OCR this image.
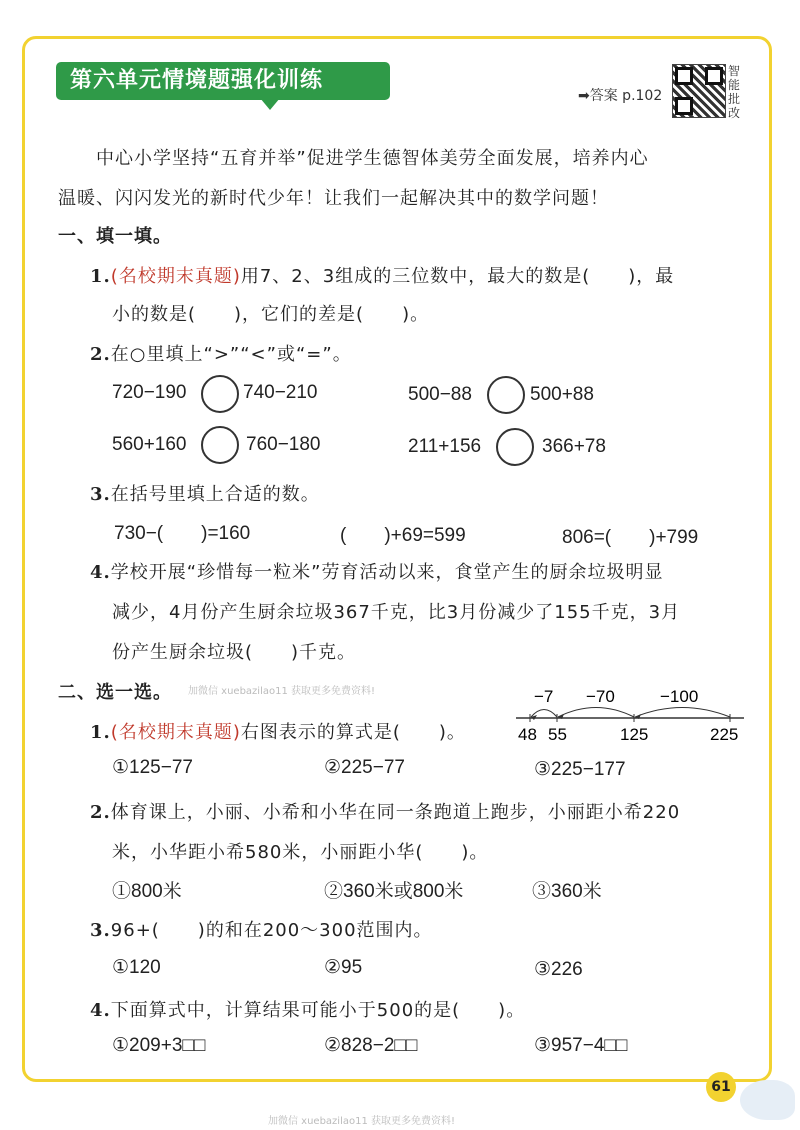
第六单元情境题强化训练
➡答案 p.102
智能批改
中心小学坚持“五育并举”促进学生德智体美劳全面发展，培养内心
温暖、闪闪发光的新时代少年！让我们一起解决其中的数学问题！
一、填一填。
1.(名校期末真题)用7、2、3组成的三位数中，最大的数是(　　)，最
小的数是(　　)，它们的差是(　　)。
2.在○里填上“>”“<”或“=”。
720−190	740−210	500−88	500+88
560+160	760−180	211+156	366+78
3.在括号里填上合适的数。
730−(　　)=160	(　　)+69=599	806=(　　)+799
4.学校开展“珍惜每一粒米”劳育活动以来，食堂产生的厨余垃圾明显
减少，4月份产生厨余垃圾367千克，比3月份减少了155千克，3月
份产生厨余垃圾(　　)千克。
二、选一选。 加微信 xuebazilao11 获取更多免费资料!
1.(名校期末真题)右图表示的算式是(　　)。
−7 −70	−100
48 55	125	225
①125−77	②225−77	③225−177
2.体育课上，小丽、小希和小华在同一条跑道上跑步，小丽距小希220
米，小华距小希580米，小丽距小华(　　)。
①800米	②360米或800米	③360米
3.96+(　　)的和在200～300范围内。
①120	②95	③226
4.下面算式中，计算结果可能小于500的是(　　)。
①209+3□□	②828−2□□	③957−4□□
61
加微信 xuebazilao11 获取更多免费资料!
